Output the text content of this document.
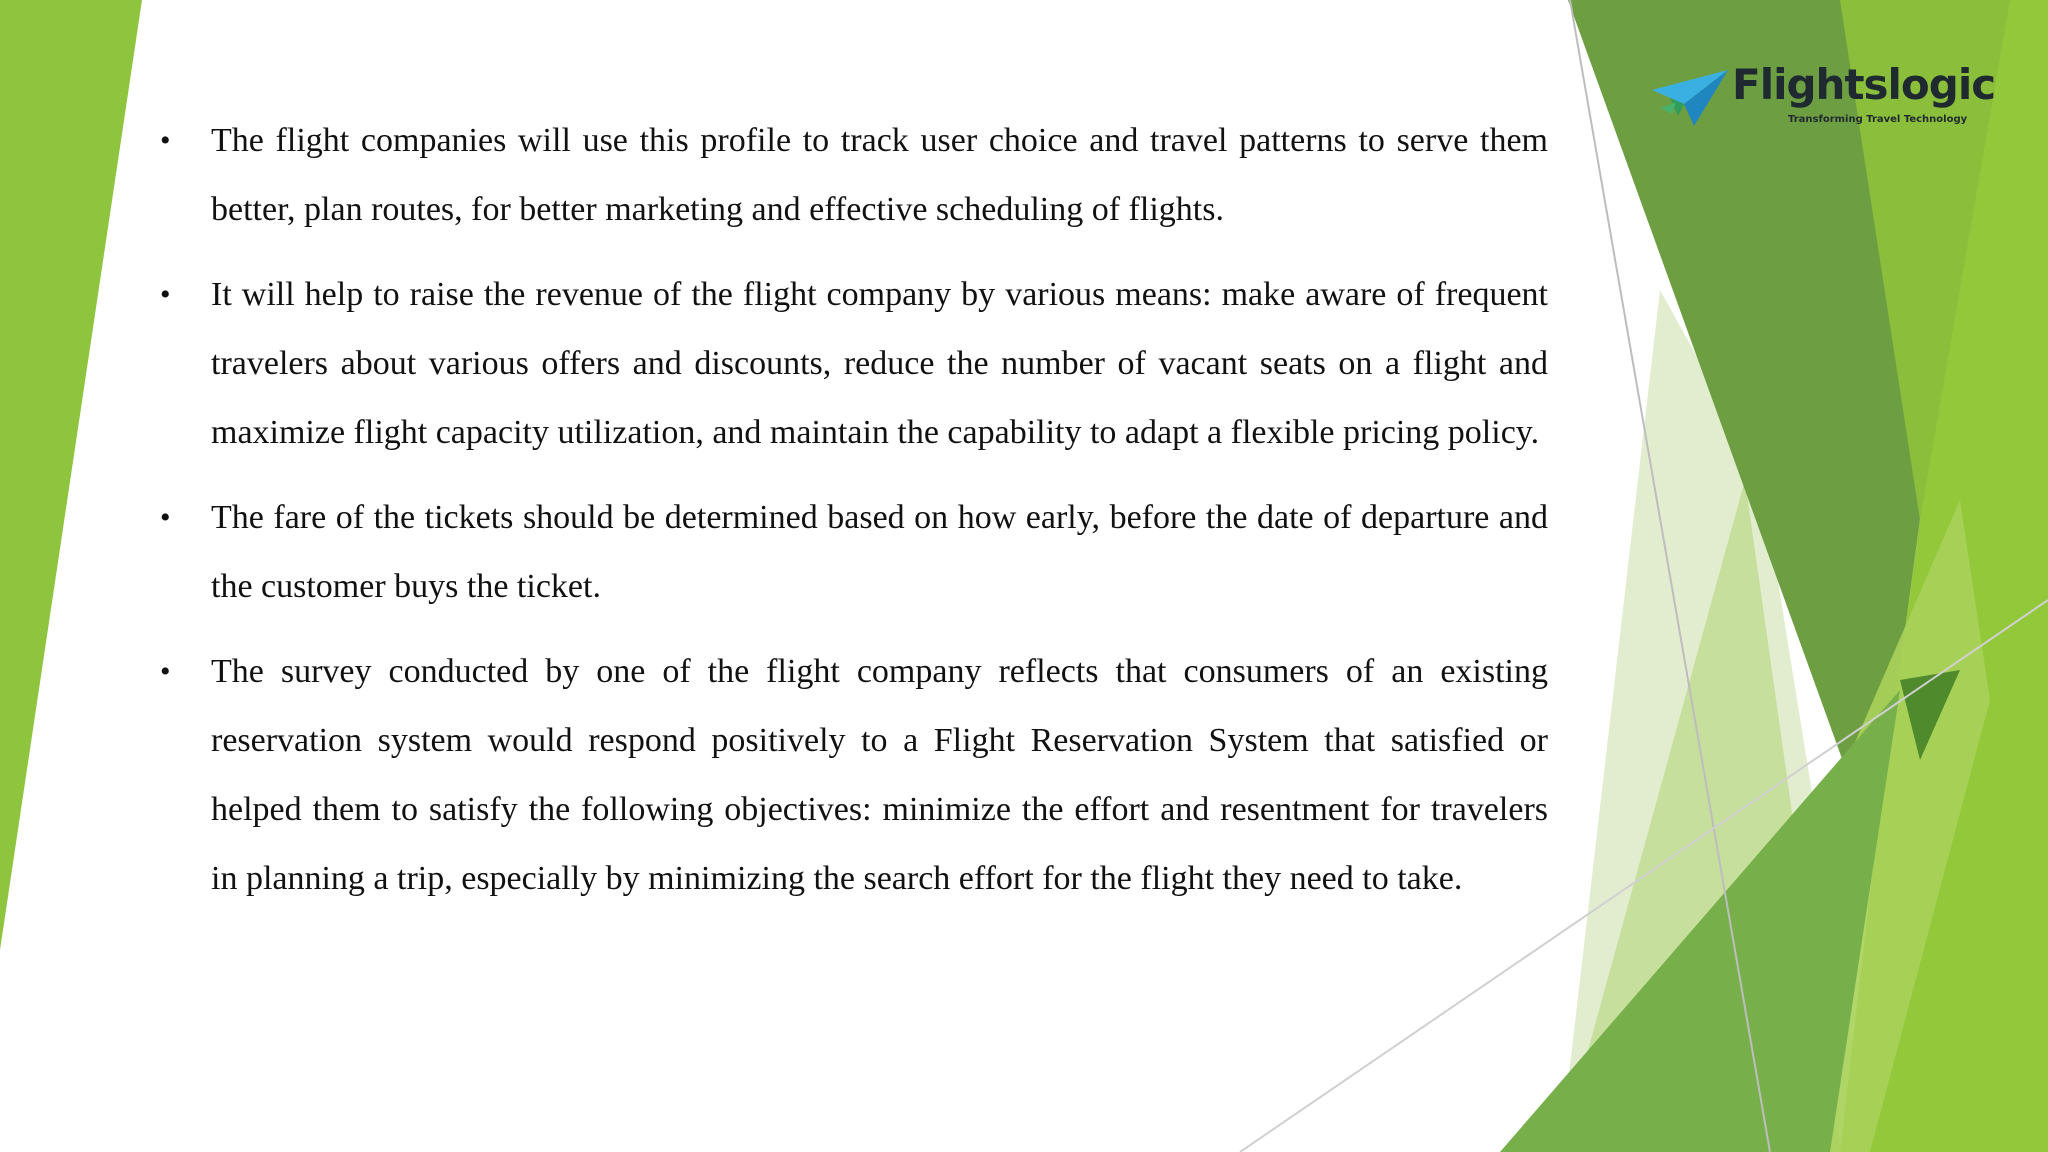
• The flight companies will use this profile to track user choice and travel patterns to serve them better, plan routes, for better marketing and effective scheduling of flights.
• It will help to raise the revenue of the flight company by various means: make aware of frequent travelers about various offers and discounts, reduce the number of vacant seats on a flight and maximize flight capacity utilization, and maintain the capability to adapt a flexible pricing policy.
• The fare of the tickets should be determined based on how early, before the date of departure and the customer buys the ticket.
• The survey conducted by one of the flight company reflects that consumers of an existing reservation system would respond positively to a Flight Reservation System that satisfied or helped them to satisfy the following objectives: minimize the effort and resentment for travelers in planning a trip, especially by minimizing the search effort for the flight they need to take.
Flightslogic
Transforming Travel Technology
